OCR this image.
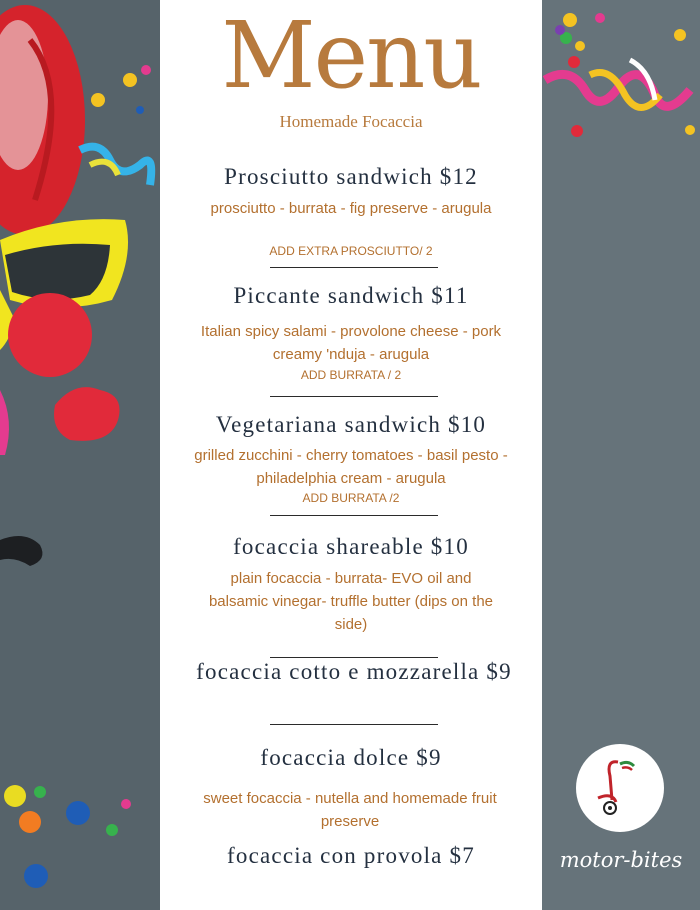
Menu
Homemade Focaccia
Prosciutto sandwich $12
prosciutto - burrata - fig preserve - arugula
ADD EXTRA PROSCIUTTO/ 2
Piccante sandwich $11
Italian spicy salami - provolone cheese - pork creamy 'nduja - arugula
ADD BURRATA / 2
Vegetariana sandwich $10
grilled zucchini - cherry tomatoes - basil pesto - philadelphia cream - arugula
ADD BURRATA /2
focaccia shareable $10
plain focaccia - burrata- EVO oil and balsamic vinegar- truffle butter (dips on the side)
focaccia cotto e mozzarella $9
focaccia dolce $9
sweet focaccia - nutella and homemade fruit preserve
focaccia con provola $7	motor-bites
